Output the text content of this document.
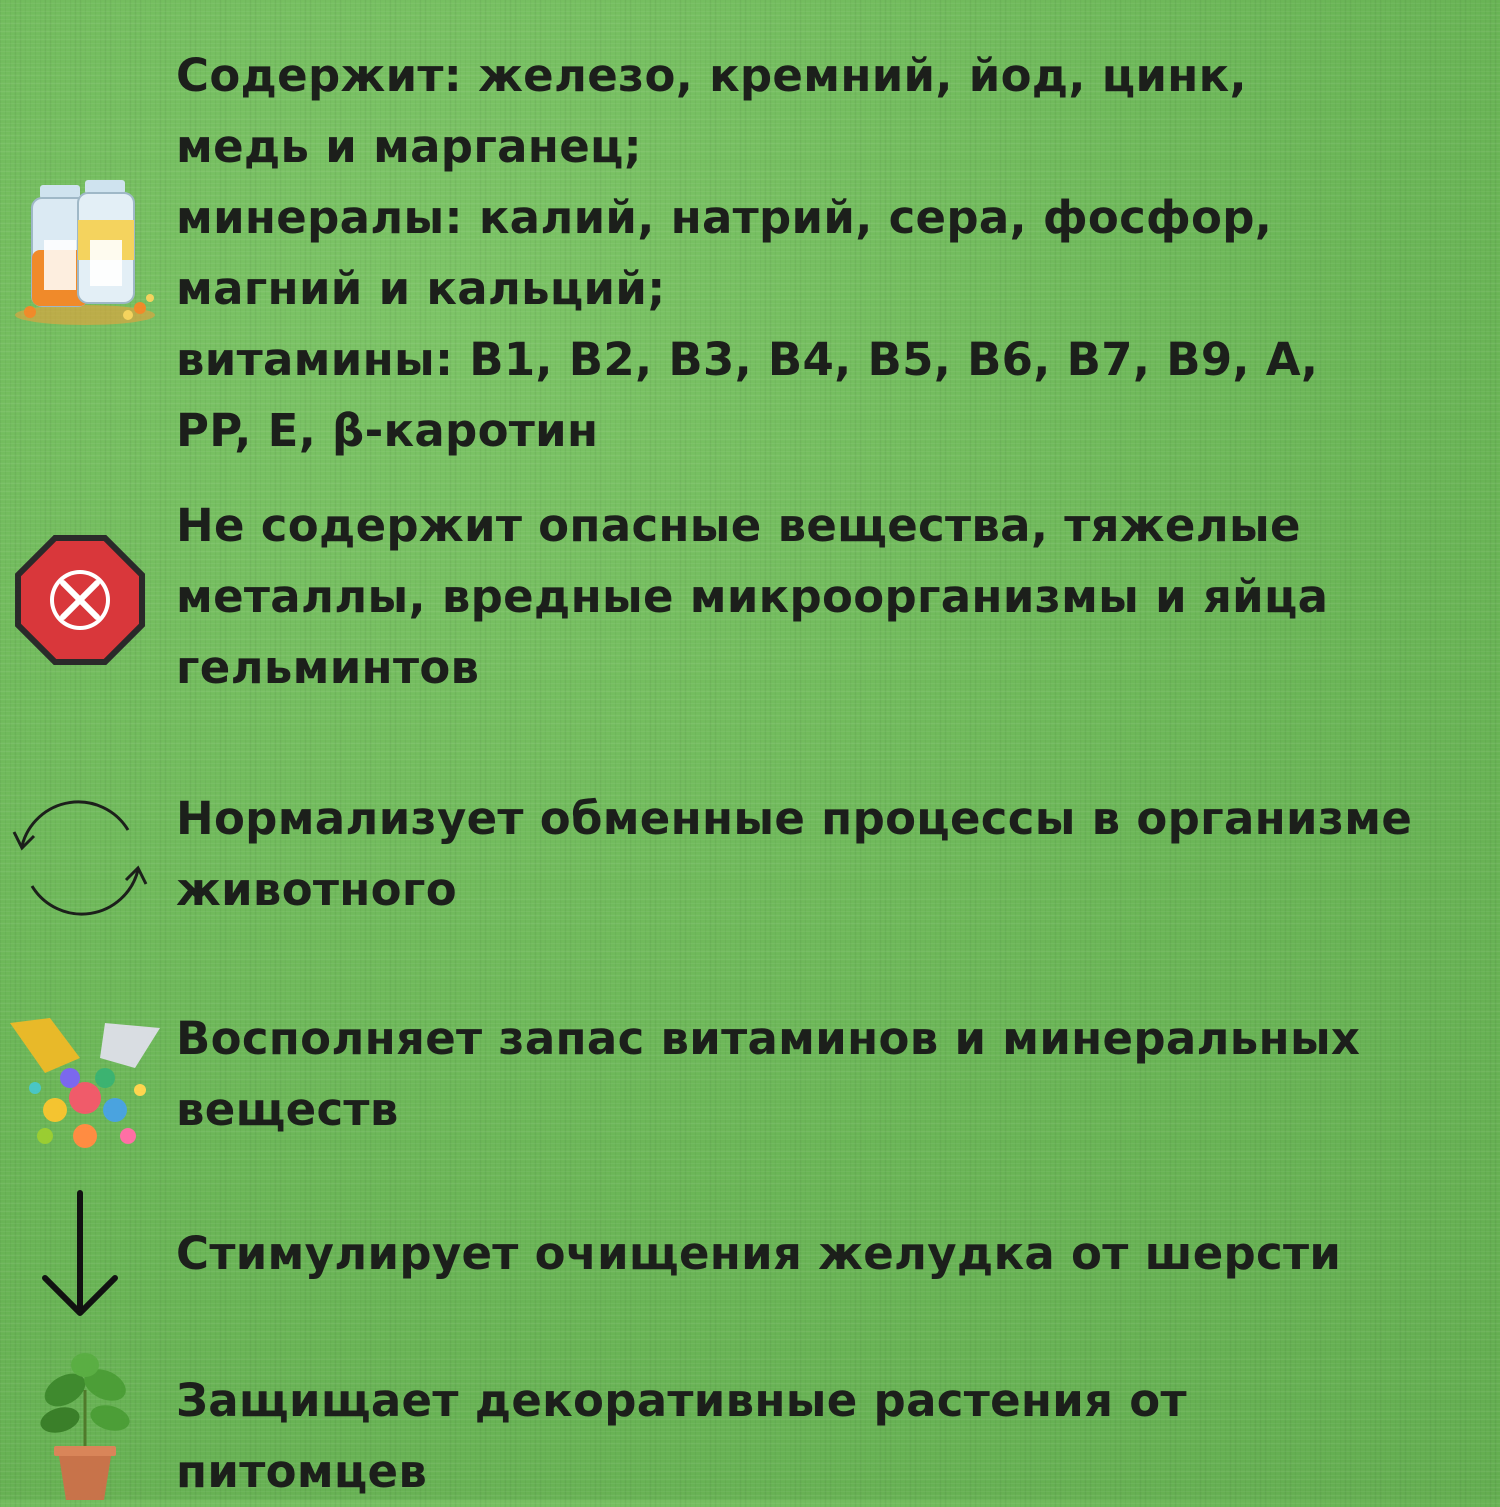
Содержит: железо, кремний, йод, цинк,
медь и марганец;
минералы: калий, натрий, сера, фосфор,
магний и кальций;
витамины: В1, В2, В3, В4, В5, В6, В7, В9, А,
PP, E, β-каротин
Не содержит опасные вещества, тяжелые
металлы, вредные микроорганизмы и яйца
гельминтов
Нормализует обменные процессы в организме
животного
Восполняет запас витаминов и минеральных
веществ
Стимулирует очищения желудка от шерсти
Защищает декоративные растения от
питомцев
